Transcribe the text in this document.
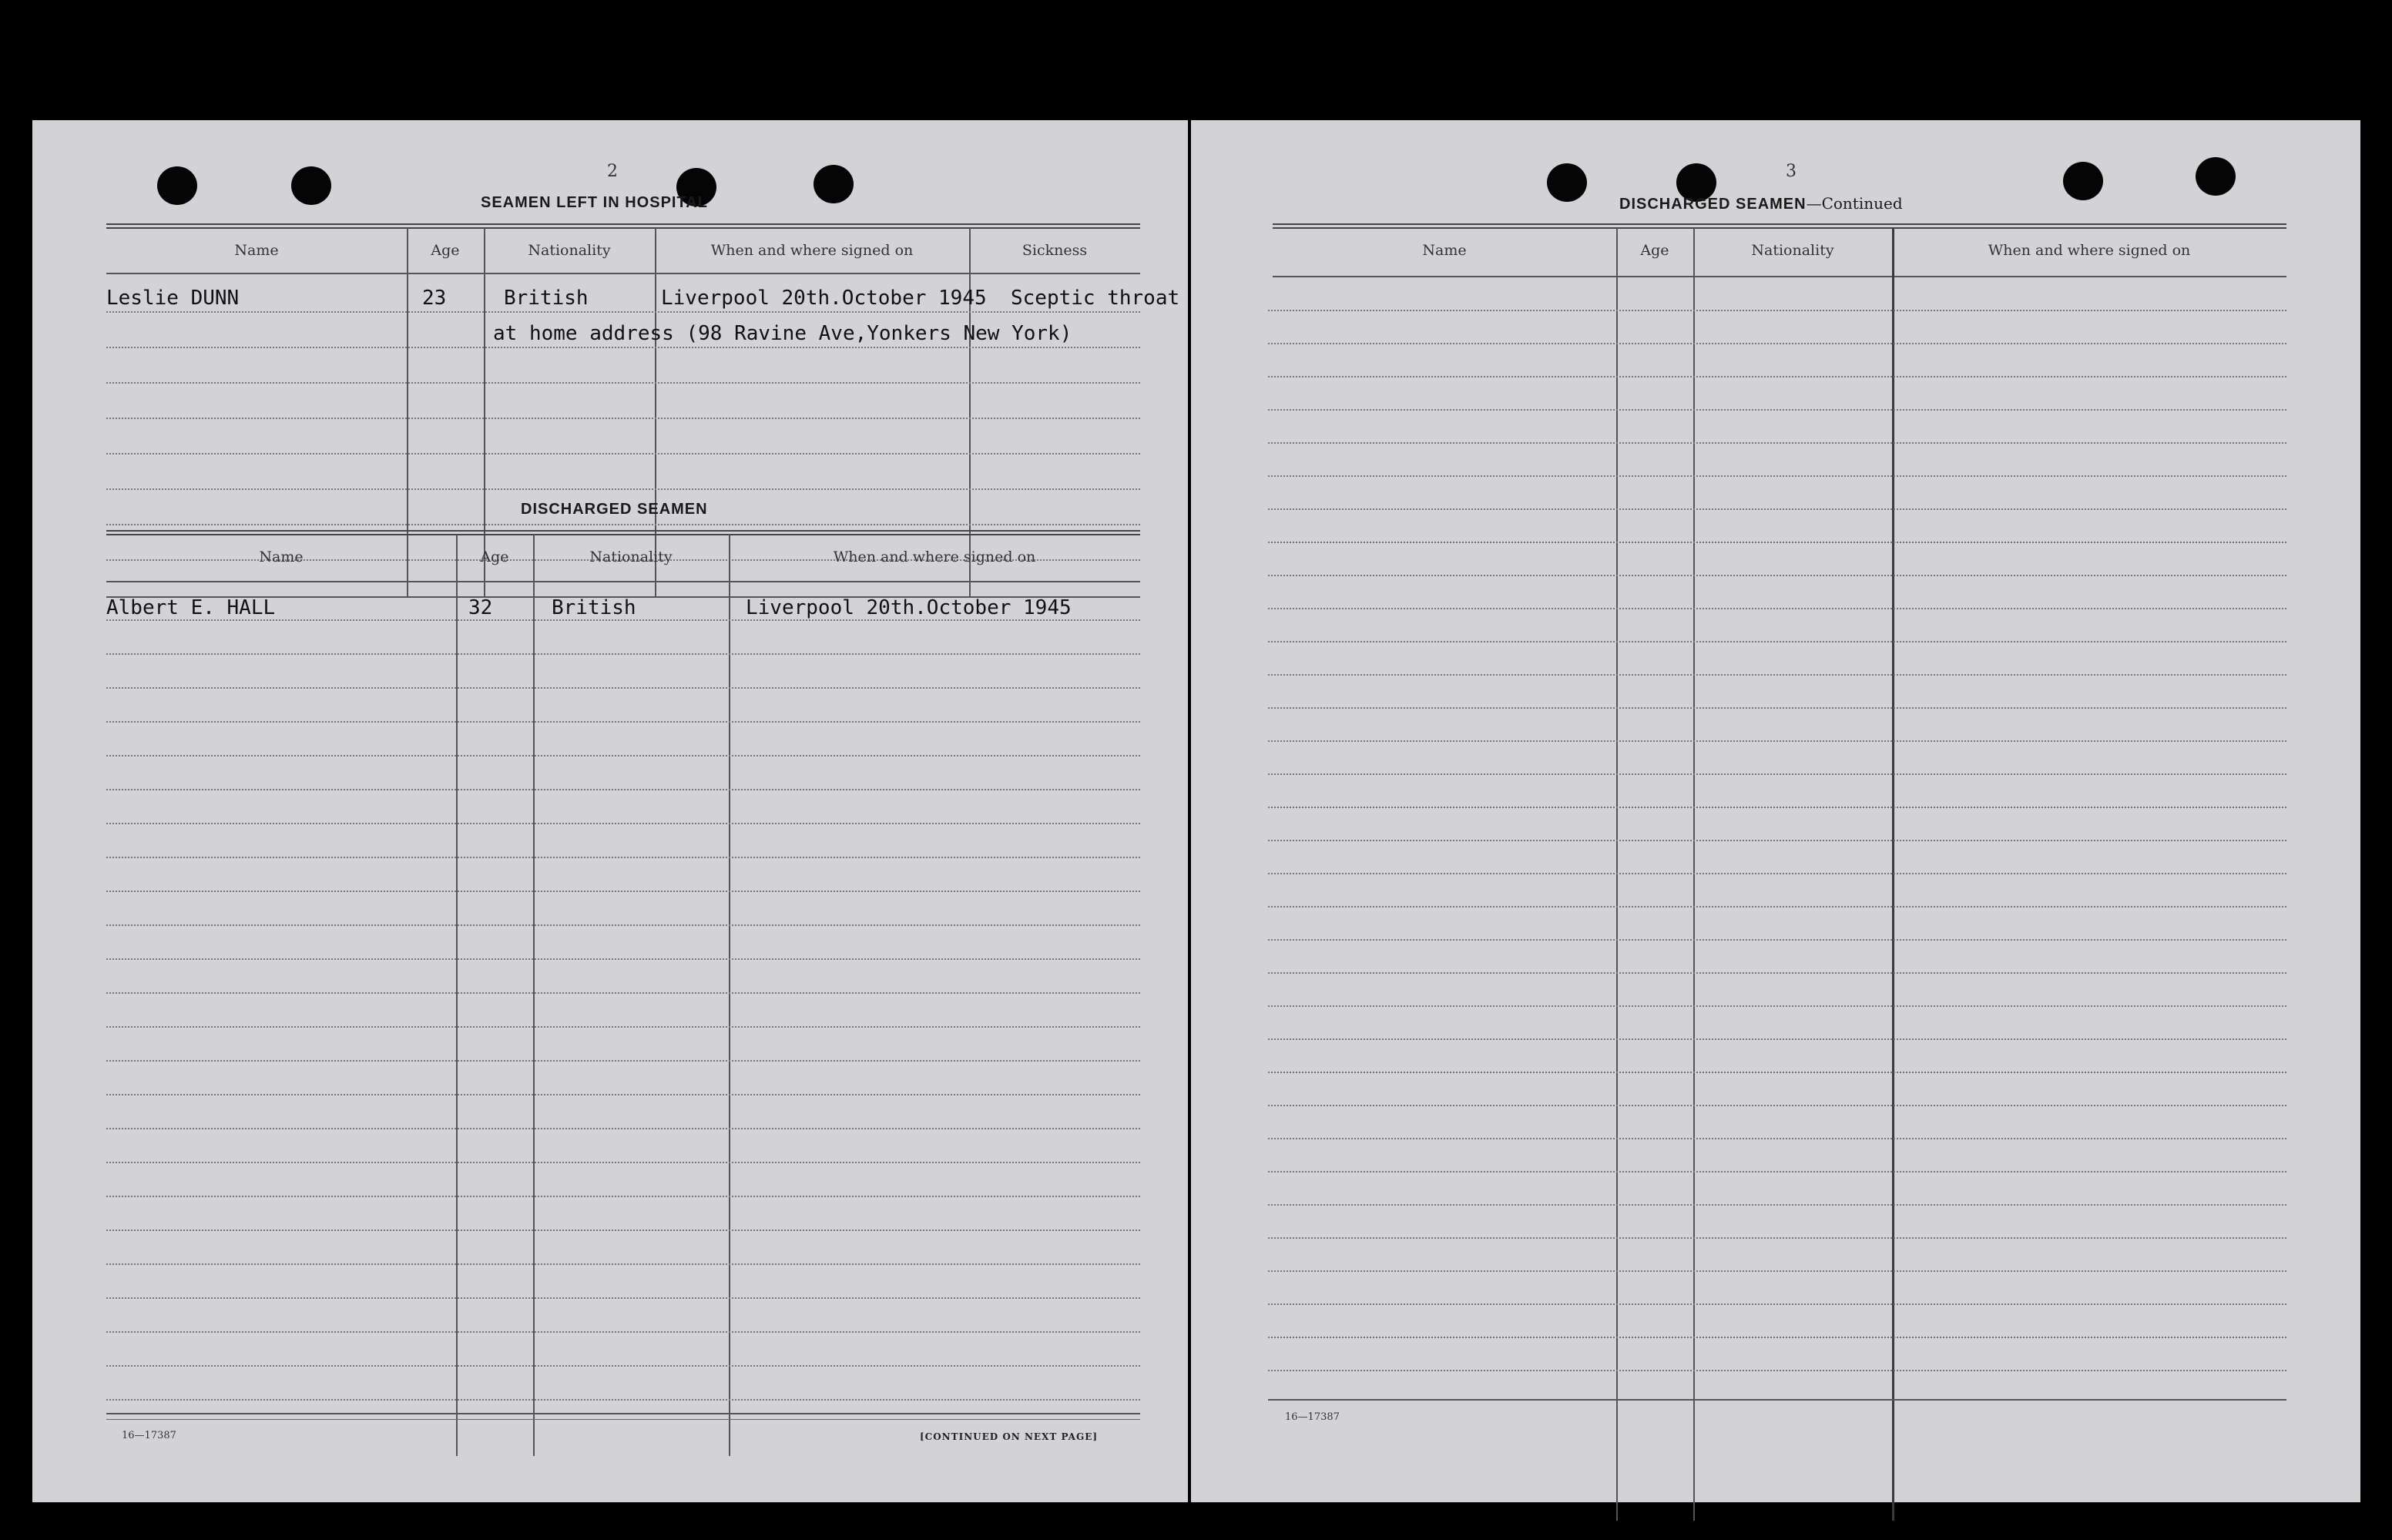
2
SEAMEN LEFT IN HOSPITAL
Name	Age	Nationality	When and where signed on	Sickness
Leslie DUNN	23	British	Liverpool 20th.October 1945 Sceptic throat
at home address (98 Ravine Ave,Yonkers New York)
DISCHARGED SEAMEN
Name	Age	Nationality	When and where signed on
Albert E. HALL	32	British	Liverpool 20th.October 1945
16—17387	[CONTINUED ON NEXT PAGE]
3
DISCHARGED SEAMEN—Continued
Name	Age	Nationality	When and where signed on
16—17387
